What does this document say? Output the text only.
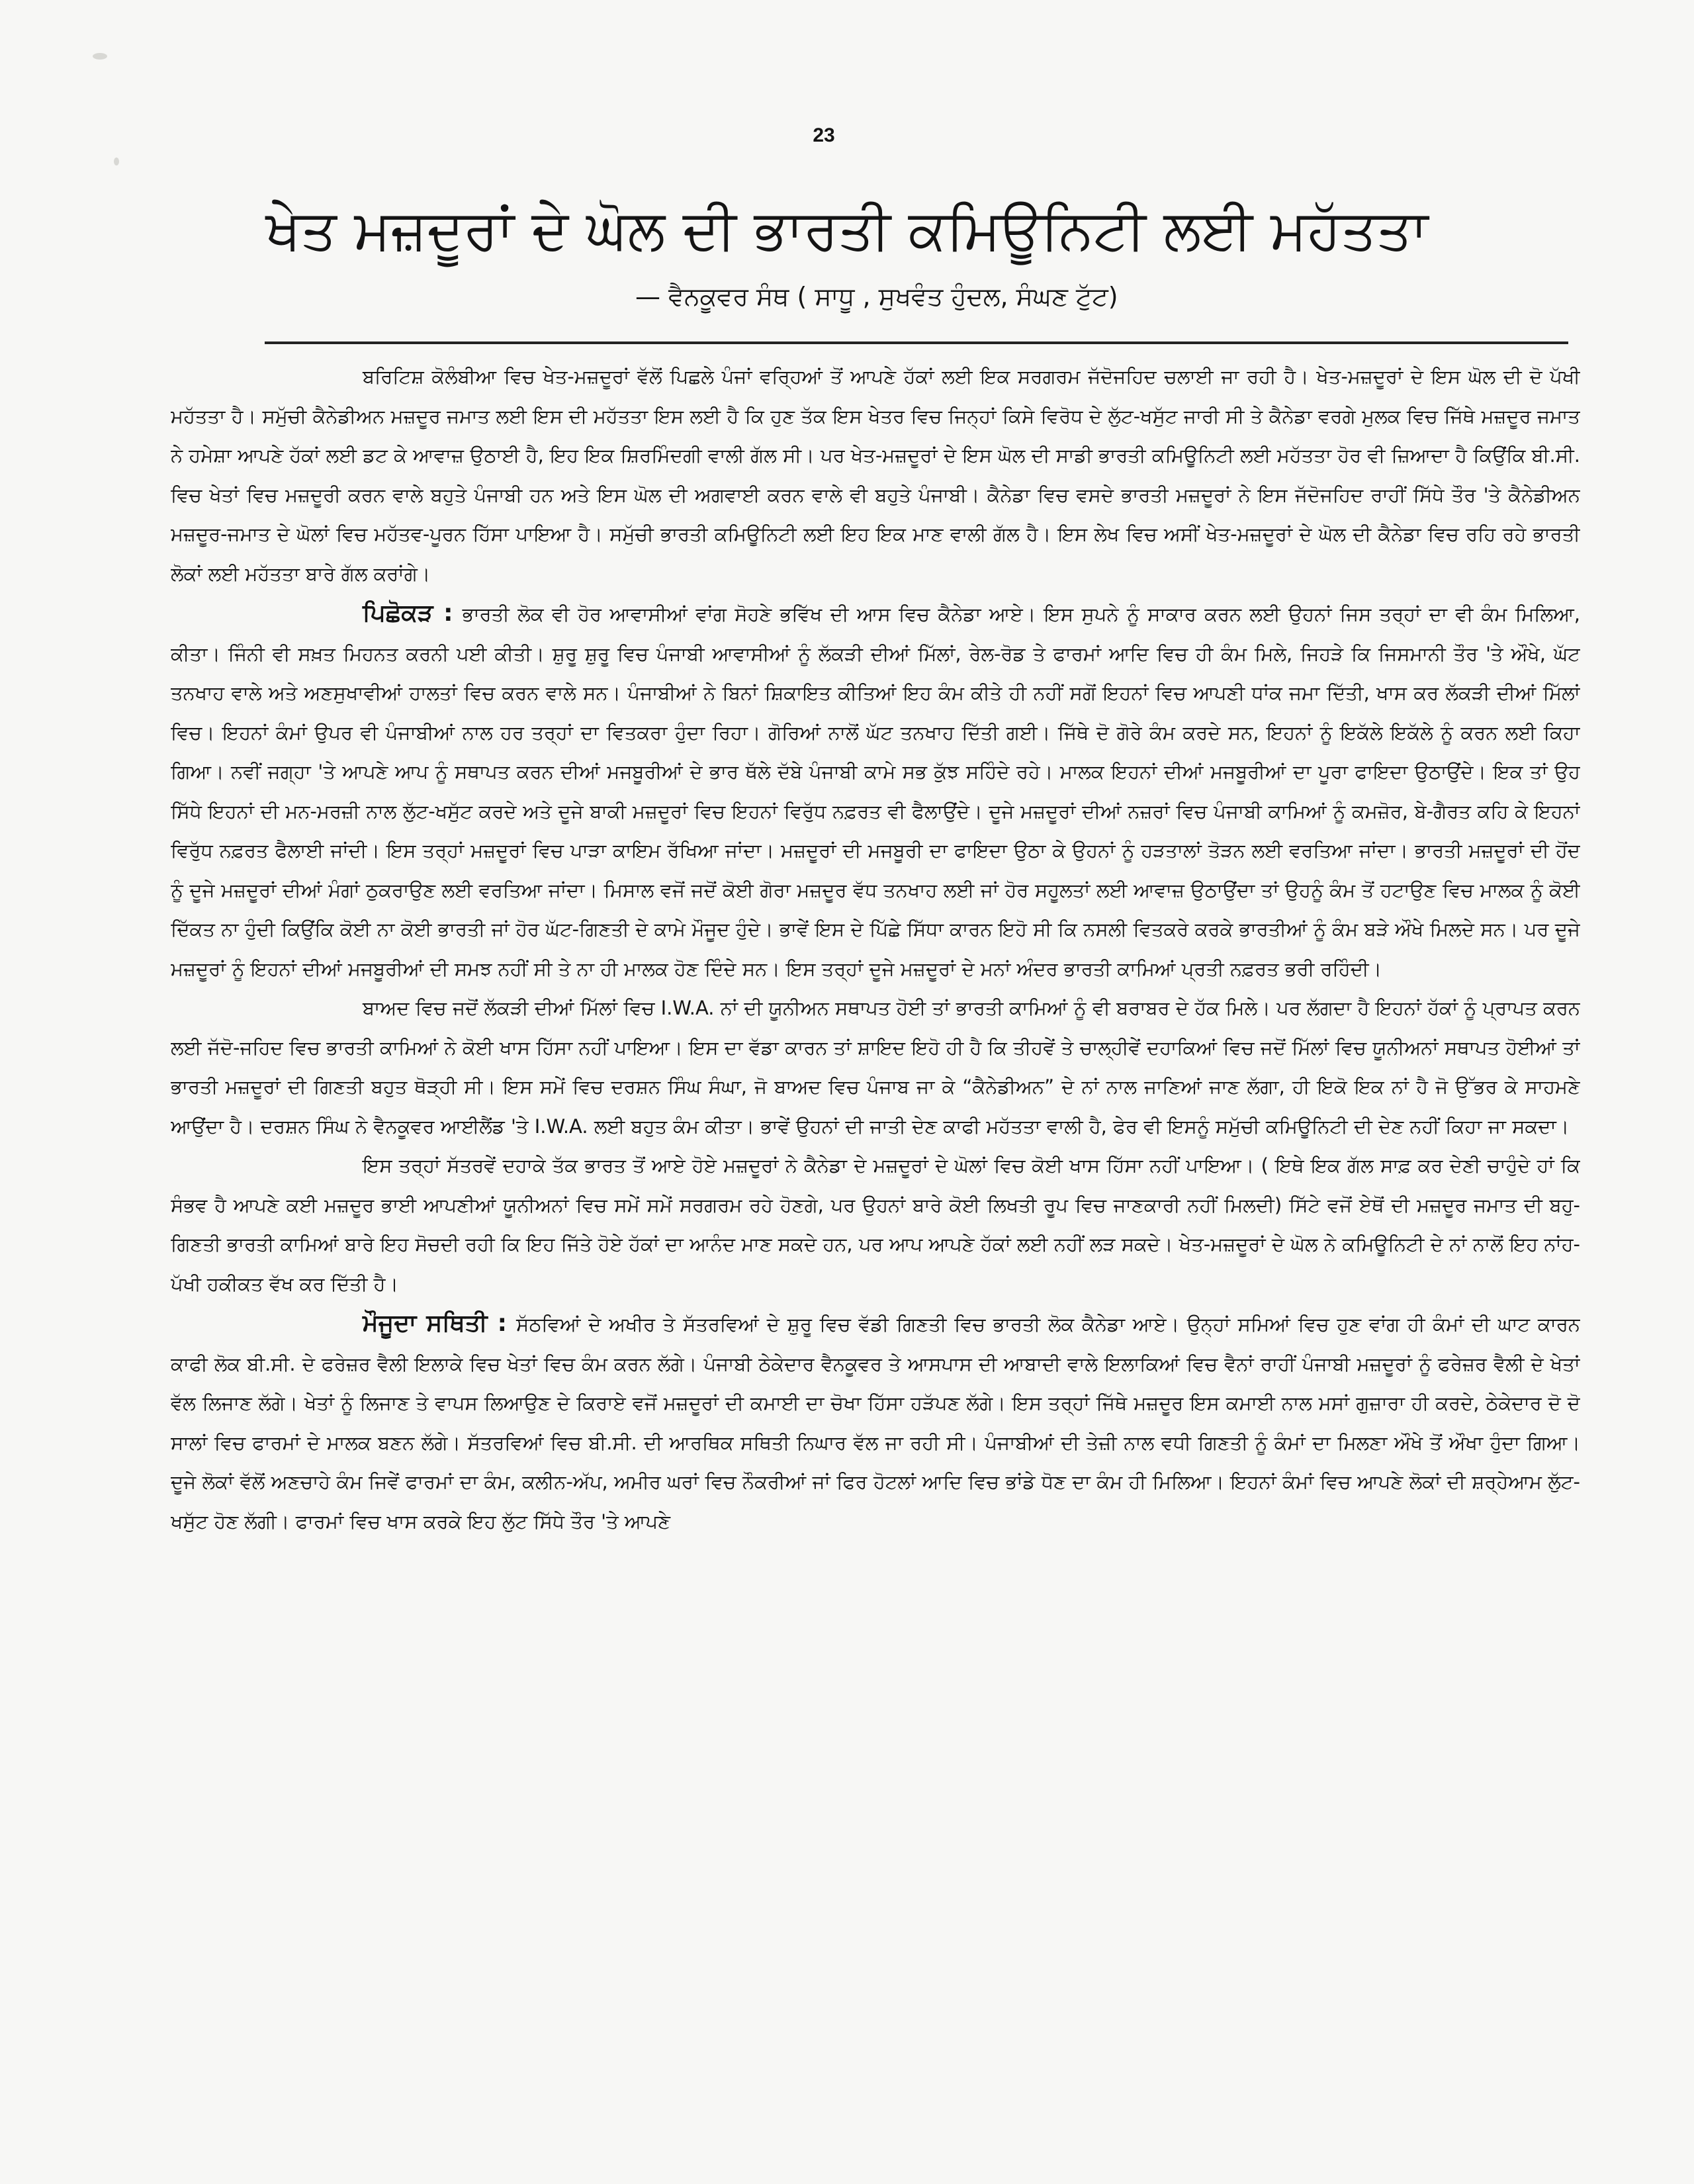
23
ਖੇਤ ਮਜ਼ਦੂਰਾਂ ਦੇ ਘੋਲ ਦੀ ਭਾਰਤੀ ਕਮਿਊਨਿਟੀ ਲਈ ਮਹੱਤਤਾ
— ਵੈਨਕੂਵਰ ਸੰਥ ( ਸਾਧੂ , ਸੁਖਵੰਤ ਹੁੰਦਲ, ਸੰਘਣ ਟੁੱਟ)

ਬਰਿਟਿਸ਼ ਕੋਲੰਬੀਆ ਵਿਚ ਖੇਤ-ਮਜ਼ਦੂਰਾਂ ਵੱਲੋਂ ਪਿਛਲੇ ਪੰਜਾਂ ਵਰ੍ਹਿਆਂ ਤੋਂ ਆਪਣੇ ਹੱਕਾਂ ਲਈ ਇਕ ਸਰਗਰਮ ਜੱਦੋਜਹਿਦ ਚਲਾਈ ਜਾ ਰਹੀ ਹੈ। ਖੇਤ-ਮਜ਼ਦੂਰਾਂ ਦੇ ਇਸ ਘੋਲ ਦੀ ਦੋ ਪੱਖੀ ਮਹੱਤਤਾ ਹੈ। ਸਮੁੱਚੀ ਕੈਨੇਡੀਅਨ ਮਜ਼ਦੂਰ ਜਮਾਤ ਲਈ ਇਸ ਦੀ ਮਹੱਤਤਾ ਇਸ ਲਈ ਹੈ ਕਿ ਹੁਣ ਤੱਕ ਇਸ ਖੇਤਰ ਵਿਚ ਜਿਨ੍ਹਾਂ ਕਿਸੇ ਵਿਰੋਧ ਦੇ ਲੁੱਟ-ਖਸੁੱਟ ਜਾਰੀ ਸੀ ਤੇ ਕੈਨੇਡਾ ਵਰਗੇ ਮੁਲਕ ਵਿਚ ਜਿੱਥੇ ਮਜ਼ਦੂਰ ਜਮਾਤ ਨੇ ਹਮੇਸ਼ਾ ਆਪਣੇ ਹੱਕਾਂ ਲਈ ਡਟ ਕੇ ਆਵਾਜ਼ ਉਠਾਈ ਹੈ, ਇਹ ਇਕ ਸ਼ਿਰਮਿੰਦਗੀ ਵਾਲੀ ਗੱਲ ਸੀ। ਪਰ ਖੇਤ-ਮਜ਼ਦੂਰਾਂ ਦੇ ਇਸ ਘੋਲ ਦੀ ਸਾਡੀ ਭਾਰਤੀ ਕਮਿਊਨਿਟੀ ਲਈ ਮਹੱਤਤਾ ਹੋਰ ਵੀ ਜ਼ਿਆਦਾ ਹੈ ਕਿਉਂਕਿ ਬੀ.ਸੀ. ਵਿਚ ਖੇਤਾਂ ਵਿਚ ਮਜ਼ਦੂਰੀ ਕਰਨ ਵਾਲੇ ਬਹੁਤੇ ਪੰਜਾਬੀ ਹਨ ਅਤੇ ਇਸ ਘੋਲ ਦੀ ਅਗਵਾਈ ਕਰਨ ਵਾਲੇ ਵੀ ਬਹੁਤੇ ਪੰਜਾਬੀ। ਕੈਨੇਡਾ ਵਿਚ ਵਸਦੇ ਭਾਰਤੀ ਮਜ਼ਦੂਰਾਂ ਨੇ ਇਸ ਜੱਦੋਜਹਿਦ ਰਾਹੀਂ ਸਿੱਧੇ ਤੌਰ 'ਤੇ ਕੈਨੇਡੀਅਨ ਮਜ਼ਦੂਰ-ਜਮਾਤ ਦੇ ਘੋਲਾਂ ਵਿਚ ਮਹੱਤਵ-ਪੂਰਨ ਹਿੱਸਾ ਪਾਇਆ ਹੈ। ਸਮੁੱਚੀ ਭਾਰਤੀ ਕਮਿਊਨਿਟੀ ਲਈ ਇਹ ਇਕ ਮਾਣ ਵਾਲੀ ਗੱਲ ਹੈ। ਇਸ ਲੇਖ ਵਿਚ ਅਸੀਂ ਖੇਤ-ਮਜ਼ਦੂਰਾਂ ਦੇ ਘੋਲ ਦੀ ਕੈਨੇਡਾ ਵਿਚ ਰਹਿ ਰਹੇ ਭਾਰਤੀ ਲੋਕਾਂ ਲਈ ਮਹੱਤਤਾ ਬਾਰੇ ਗੱਲ ਕਰਾਂਗੇ।

ਪਿਛੋਕੜ : ਭਾਰਤੀ ਲੋਕ ਵੀ ਹੋਰ ਆਵਾਸੀਆਂ ਵਾਂਗ ਸੋਹਣੇ ਭਵਿੱਖ ਦੀ ਆਸ ਵਿਚ ਕੈਨੇਡਾ ਆਏ। ਇਸ ਸੁਪਨੇ ਨੂੰ ਸਾਕਾਰ ਕਰਨ ਲਈ ਉਹਨਾਂ ਜਿਸ ਤਰ੍ਹਾਂ ਦਾ ਵੀ ਕੰਮ ਮਿਲਿਆ, ਕੀਤਾ। ਜਿੰਨੀ ਵੀ ਸਖ਼ਤ ਮਿਹਨਤ ਕਰਨੀ ਪਈ ਕੀਤੀ। ਸ਼ੁਰੂ ਸ਼ੁਰੂ ਵਿਚ ਪੰਜਾਬੀ ਆਵਾਸੀਆਂ ਨੂੰ ਲੱਕੜੀ ਦੀਆਂ ਮਿੱਲਾਂ, ਰੇਲ-ਰੋਡ ਤੇ ਫਾਰਮਾਂ ਆਦਿ ਵਿਚ ਹੀ ਕੰਮ ਮਿਲੇ, ਜਿਹੜੇ ਕਿ ਜਿਸਮਾਨੀ ਤੌਰ 'ਤੇ ਔਖੇ, ਘੱਟ ਤਨਖਾਹ ਵਾਲੇ ਅਤੇ ਅਣਸੁਖਾਵੀਆਂ ਹਾਲਤਾਂ ਵਿਚ ਕਰਨ ਵਾਲੇ ਸਨ। ਪੰਜਾਬੀਆਂ ਨੇ ਬਿਨਾਂ ਸ਼ਿਕਾਇਤ ਕੀਤਿਆਂ ਇਹ ਕੰਮ ਕੀਤੇ ਹੀ ਨਹੀਂ ਸਗੋਂ ਇਹਨਾਂ ਵਿਚ ਆਪਣੀ ਧਾਂਕ ਜਮਾ ਦਿੱਤੀ, ਖਾਸ ਕਰ ਲੱਕੜੀ ਦੀਆਂ ਮਿੱਲਾਂ ਵਿਚ। ਇਹਨਾਂ ਕੰਮਾਂ ਉਪਰ ਵੀ ਪੰਜਾਬੀਆਂ ਨਾਲ ਹਰ ਤਰ੍ਹਾਂ ਦਾ ਵਿਤਕਰਾ ਹੁੰਦਾ ਰਿਹਾ। ਗੋਰਿਆਂ ਨਾਲੋਂ ਘੱਟ ਤਨਖਾਹ ਦਿੱਤੀ ਗਈ। ਜਿੱਥੇ ਦੋ ਗੋਰੇ ਕੰਮ ਕਰਦੇ ਸਨ, ਇਹਨਾਂ ਨੂੰ ਇਕੱਲੇ ਇਕੱਲੇ ਨੂੰ ਕਰਨ ਲਈ ਕਿਹਾ ਗਿਆ। ਨਵੀਂ ਜਗ੍ਹਾ 'ਤੇ ਆਪਣੇ ਆਪ ਨੂੰ ਸਥਾਪਤ ਕਰਨ ਦੀਆਂ ਮਜਬੂਰੀਆਂ ਦੇ ਭਾਰ ਥੱਲੇ ਦੱਬੇ ਪੰਜਾਬੀ ਕਾਮੇ ਸਭ ਕੁੱਝ ਸਹਿੰਦੇ ਰਹੇ। ਮਾਲਕ ਇਹਨਾਂ ਦੀਆਂ ਮਜਬੂਰੀਆਂ ਦਾ ਪੂਰਾ ਫਾਇਦਾ ਉਠਾਉਂਦੇ। ਇਕ ਤਾਂ ਉਹ ਸਿੱਧੇ ਇਹਨਾਂ ਦੀ ਮਨ-ਮਰਜ਼ੀ ਨਾਲ ਲੁੱਟ-ਖਸੁੱਟ ਕਰਦੇ ਅਤੇ ਦੂਜੇ ਬਾਕੀ ਮਜ਼ਦੂਰਾਂ ਵਿਚ ਇਹਨਾਂ ਵਿਰੁੱਧ ਨਫ਼ਰਤ ਵੀ ਫੈਲਾਉਂਦੇ। ਦੂਜੇ ਮਜ਼ਦੂਰਾਂ ਦੀਆਂ ਨਜ਼ਰਾਂ ਵਿਚ ਪੰਜਾਬੀ ਕਾਮਿਆਂ ਨੂੰ ਕਮਜ਼ੋਰ, ਬੇ-ਗੈਰਤ ਕਹਿ ਕੇ ਇਹਨਾਂ ਵਿਰੁੱਧ ਨਫ਼ਰਤ ਫੈਲਾਈ ਜਾਂਦੀ। ਇਸ ਤਰ੍ਹਾਂ ਮਜ਼ਦੂਰਾਂ ਵਿਚ ਪਾੜਾ ਕਾਇਮ ਰੱਖਿਆ ਜਾਂਦਾ। ਮਜ਼ਦੂਰਾਂ ਦੀ ਮਜਬੂਰੀ ਦਾ ਫਾਇਦਾ ਉਠਾ ਕੇ ਉਹਨਾਂ ਨੂੰ ਹੜਤਾਲਾਂ ਤੋੜਨ ਲਈ ਵਰਤਿਆ ਜਾਂਦਾ। ਭਾਰਤੀ ਮਜ਼ਦੂਰਾਂ ਦੀ ਹੋਂਦ ਨੂੰ ਦੂਜੇ ਮਜ਼ਦੂਰਾਂ ਦੀਆਂ ਮੰਗਾਂ ਠੁਕਰਾਉਣ ਲਈ ਵਰਤਿਆ ਜਾਂਦਾ। ਮਿਸਾਲ ਵਜੋਂ ਜਦੋਂ ਕੋਈ ਗੋਰਾ ਮਜ਼ਦੂਰ ਵੱਧ ਤਨਖਾਹ ਲਈ ਜਾਂ ਹੋਰ ਸਹੂਲਤਾਂ ਲਈ ਆਵਾਜ਼ ਉਠਾਉਂਦਾ ਤਾਂ ਉਹਨੂੰ ਕੰਮ ਤੋਂ ਹਟਾਉਣ ਵਿਚ ਮਾਲਕ ਨੂੰ ਕੋਈ ਦਿੱਕਤ ਨਾ ਹੁੰਦੀ ਕਿਉਂਕਿ ਕੋਈ ਨਾ ਕੋਈ ਭਾਰਤੀ ਜਾਂ ਹੋਰ ਘੱਟ-ਗਿਣਤੀ ਦੇ ਕਾਮੇ ਮੌਜੂਦ ਹੁੰਦੇ। ਭਾਵੇਂ ਇਸ ਦੇ ਪਿੱਛੇ ਸਿੱਧਾ ਕਾਰਨ ਇਹੋ ਸੀ ਕਿ ਨਸਲੀ ਵਿਤਕਰੇ ਕਰਕੇ ਭਾਰਤੀਆਂ ਨੂੰ ਕੰਮ ਬੜੇ ਔਖੇ ਮਿਲਦੇ ਸਨ। ਪਰ ਦੂਜੇ ਮਜ਼ਦੂਰਾਂ ਨੂੰ ਇਹਨਾਂ ਦੀਆਂ ਮਜਬੂਰੀਆਂ ਦੀ ਸਮਝ ਨਹੀਂ ਸੀ ਤੇ ਨਾ ਹੀ ਮਾਲਕ ਹੋਣ ਦਿੰਦੇ ਸਨ। ਇਸ ਤਰ੍ਹਾਂ ਦੂਜੇ ਮਜ਼ਦੂਰਾਂ ਦੇ ਮਨਾਂ ਅੰਦਰ ਭਾਰਤੀ ਕਾਮਿਆਂ ਪ੍ਰਤੀ ਨਫ਼ਰਤ ਭਰੀ ਰਹਿੰਦੀ।

ਬਾਅਦ ਵਿਚ ਜਦੋਂ ਲੱਕੜੀ ਦੀਆਂ ਮਿੱਲਾਂ ਵਿਚ I.W.A. ਨਾਂ ਦੀ ਯੂਨੀਅਨ ਸਥਾਪਤ ਹੋਈ ਤਾਂ ਭਾਰਤੀ ਕਾਮਿਆਂ ਨੂੰ ਵੀ ਬਰਾਬਰ ਦੇ ਹੱਕ ਮਿਲੇ। ਪਰ ਲੱਗਦਾ ਹੈ ਇਹਨਾਂ ਹੱਕਾਂ ਨੂੰ ਪ੍ਰਾਪਤ ਕਰਨ ਲਈ ਜੱਦੋ-ਜਹਿਦ ਵਿਚ ਭਾਰਤੀ ਕਾਮਿਆਂ ਨੇ ਕੋਈ ਖਾਸ ਹਿੱਸਾ ਨਹੀਂ ਪਾਇਆ। ਇਸ ਦਾ ਵੱਡਾ ਕਾਰਨ ਤਾਂ ਸ਼ਾਇਦ ਇਹੋ ਹੀ ਹੈ ਕਿ ਤੀਹਵੇਂ ਤੇ ਚਾਲ੍ਹੀਵੇਂ ਦਹਾਕਿਆਂ ਵਿਚ ਜਦੋਂ ਮਿੱਲਾਂ ਵਿਚ ਯੂਨੀਅਨਾਂ ਸਥਾਪਤ ਹੋਈਆਂ ਤਾਂ ਭਾਰਤੀ ਮਜ਼ਦੂਰਾਂ ਦੀ ਗਿਣਤੀ ਬਹੁਤ ਥੋੜ੍ਹੀ ਸੀ। ਇਸ ਸਮੇਂ ਵਿਚ ਦਰਸ਼ਨ ਸਿੰਘ ਸੰਘਾ, ਜੋ ਬਾਅਦ ਵਿਚ ਪੰਜਾਬ ਜਾ ਕੇ “ਕੈਨੇਡੀਅਨ” ਦੇ ਨਾਂ ਨਾਲ ਜਾਣਿਆਂ ਜਾਣ ਲੱਗਾ, ਹੀ ਇਕੋ ਇਕ ਨਾਂ ਹੈ ਜੋ ਉੱਭਰ ਕੇ ਸਾਹਮਣੇ ਆਉਂਦਾ ਹੈ। ਦਰਸ਼ਨ ਸਿੰਘ ਨੇ ਵੈਨਕੂਵਰ ਆਈਲੈਂਡ 'ਤੇ I.W.A. ਲਈ ਬਹੁਤ ਕੰਮ ਕੀਤਾ। ਭਾਵੇਂ ਉਹਨਾਂ ਦੀ ਜਾਤੀ ਦੇਣ ਕਾਫੀ ਮਹੱਤਤਾ ਵਾਲੀ ਹੈ, ਫੇਰ ਵੀ ਇਸਨੂੰ ਸਮੁੱਚੀ ਕਮਿਊਨਿਟੀ ਦੀ ਦੇਣ ਨਹੀਂ ਕਿਹਾ ਜਾ ਸਕਦਾ।

ਇਸ ਤਰ੍ਹਾਂ ਸੱਤਰਵੇਂ ਦਹਾਕੇ ਤੱਕ ਭਾਰਤ ਤੋਂ ਆਏ ਹੋਏ ਮਜ਼ਦੂਰਾਂ ਨੇ ਕੈਨੇਡਾ ਦੇ ਮਜ਼ਦੂਰਾਂ ਦੇ ਘੋਲਾਂ ਵਿਚ ਕੋਈ ਖਾਸ ਹਿੱਸਾ ਨਹੀਂ ਪਾਇਆ। ( ਇਥੇ ਇਕ ਗੱਲ ਸਾਫ਼ ਕਰ ਦੇਣੀ ਚਾਹੁੰਦੇ ਹਾਂ ਕਿ ਸੰਭਵ ਹੈ ਆਪਣੇ ਕਈ ਮਜ਼ਦੂਰ ਭਾਈ ਆਪਣੀਆਂ ਯੂਨੀਅਨਾਂ ਵਿਚ ਸਮੇਂ ਸਮੇਂ ਸਰਗਰਮ ਰਹੇ ਹੋਣਗੇ, ਪਰ ਉਹਨਾਂ ਬਾਰੇ ਕੋਈ ਲਿਖਤੀ ਰੂਪ ਵਿਚ ਜਾਣਕਾਰੀ ਨਹੀਂ ਮਿਲਦੀ) ਸਿੱਟੇ ਵਜੋਂ ਏਥੋਂ ਦੀ ਮਜ਼ਦੂਰ ਜਮਾਤ ਦੀ ਬਹੁ-ਗਿਣਤੀ ਭਾਰਤੀ ਕਾਮਿਆਂ ਬਾਰੇ ਇਹ ਸੋਚਦੀ ਰਹੀ ਕਿ ਇਹ ਜਿੱਤੇ ਹੋਏ ਹੱਕਾਂ ਦਾ ਆਨੰਦ ਮਾਣ ਸਕਦੇ ਹਨ, ਪਰ ਆਪ ਆਪਣੇ ਹੱਕਾਂ ਲਈ ਨਹੀਂ ਲੜ ਸਕਦੇ। ਖੇਤ-ਮਜ਼ਦੂਰਾਂ ਦੇ ਘੋਲ ਨੇ ਕਮਿਊਨਿਟੀ ਦੇ ਨਾਂ ਨਾਲੋਂ ਇਹ ਨਾਂਹ-ਪੱਖੀ ਹਕੀਕਤ ਵੱਖ ਕਰ ਦਿੱਤੀ ਹੈ।

ਮੌਜੂਦਾ ਸਥਿਤੀ : ਸੱਠਵਿਆਂ ਦੇ ਅਖੀਰ ਤੇ ਸੱਤਰਵਿਆਂ ਦੇ ਸ਼ੁਰੂ ਵਿਚ ਵੱਡੀ ਗਿਣਤੀ ਵਿਚ ਭਾਰਤੀ ਲੋਕ ਕੈਨੇਡਾ ਆਏ। ਉਨ੍ਹਾਂ ਸਮਿਆਂ ਵਿਚ ਹੁਣ ਵਾਂਗ ਹੀ ਕੰਮਾਂ ਦੀ ਘਾਟ ਕਾਰਨ ਕਾਫੀ ਲੋਕ ਬੀ.ਸੀ. ਦੇ ਫਰੇਜ਼ਰ ਵੈਲੀ ਇਲਾਕੇ ਵਿਚ ਖੇਤਾਂ ਵਿਚ ਕੰਮ ਕਰਨ ਲੱਗੇ। ਪੰਜਾਬੀ ਠੇਕੇਦਾਰ ਵੈਨਕੂਵਰ ਤੇ ਆਸਪਾਸ ਦੀ ਆਬਾਦੀ ਵਾਲੇ ਇਲਾਕਿਆਂ ਵਿਚ ਵੈਨਾਂ ਰਾਹੀਂ ਪੰਜਾਬੀ ਮਜ਼ਦੂਰਾਂ ਨੂੰ ਫਰੇਜ਼ਰ ਵੈਲੀ ਦੇ ਖੇਤਾਂ ਵੱਲ ਲਿਜਾਣ ਲੱਗੇ। ਖੇਤਾਂ ਨੂੰ ਲਿਜਾਣ ਤੇ ਵਾਪਸ ਲਿਆਉਣ ਦੇ ਕਿਰਾਏ ਵਜੋਂ ਮਜ਼ਦੂਰਾਂ ਦੀ ਕਮਾਈ ਦਾ ਚੋਖਾ ਹਿੱਸਾ ਹੜੱਪਣ ਲੱਗੇ। ਇਸ ਤਰ੍ਹਾਂ ਜਿੱਥੇ ਮਜ਼ਦੂਰ ਇਸ ਕਮਾਈ ਨਾਲ ਮਸਾਂ ਗੁਜ਼ਾਰਾ ਹੀ ਕਰਦੇ, ਠੇਕੇਦਾਰ ਦੋ ਦੋ ਸਾਲਾਂ ਵਿਚ ਫਾਰਮਾਂ ਦੇ ਮਾਲਕ ਬਣਨ ਲੱਗੇ। ਸੱਤਰਵਿਆਂ ਵਿਚ ਬੀ.ਸੀ. ਦੀ ਆਰਥਿਕ ਸਥਿਤੀ ਨਿਘਾਰ ਵੱਲ ਜਾ ਰਹੀ ਸੀ। ਪੰਜਾਬੀਆਂ ਦੀ ਤੇਜ਼ੀ ਨਾਲ ਵਧੀ ਗਿਣਤੀ ਨੂੰ ਕੰਮਾਂ ਦਾ ਮਿਲਣਾ ਔਖੇ ਤੋਂ ਔਖਾ ਹੁੰਦਾ ਗਿਆ। ਦੂਜੇ ਲੋਕਾਂ ਵੱਲੋਂ ਅਣਚਾਹੇ ਕੰਮ ਜਿਵੇਂ ਫਾਰਮਾਂ ਦਾ ਕੰਮ, ਕਲੀਨ-ਅੱਪ, ਅਮੀਰ ਘਰਾਂ ਵਿਚ ਨੌਕਰੀਆਂ ਜਾਂ ਫਿਰ ਹੋਟਲਾਂ ਆਦਿ ਵਿਚ ਭਾਂਡੇ ਧੋਣ ਦਾ ਕੰਮ ਹੀ ਮਿਲਿਆ। ਇਹਨਾਂ ਕੰਮਾਂ ਵਿਚ ਆਪਣੇ ਲੋਕਾਂ ਦੀ ਸ਼ਰ੍ਹੇਆਮ ਲੁੱਟ-ਖਸੁੱਟ ਹੋਣ ਲੱਗੀ। ਫਾਰਮਾਂ ਵਿਚ ਖਾਸ ਕਰਕੇ ਇਹ ਲੁੱਟ ਸਿੱਧੇ ਤੌਰ 'ਤੇ ਆਪਣੇ
